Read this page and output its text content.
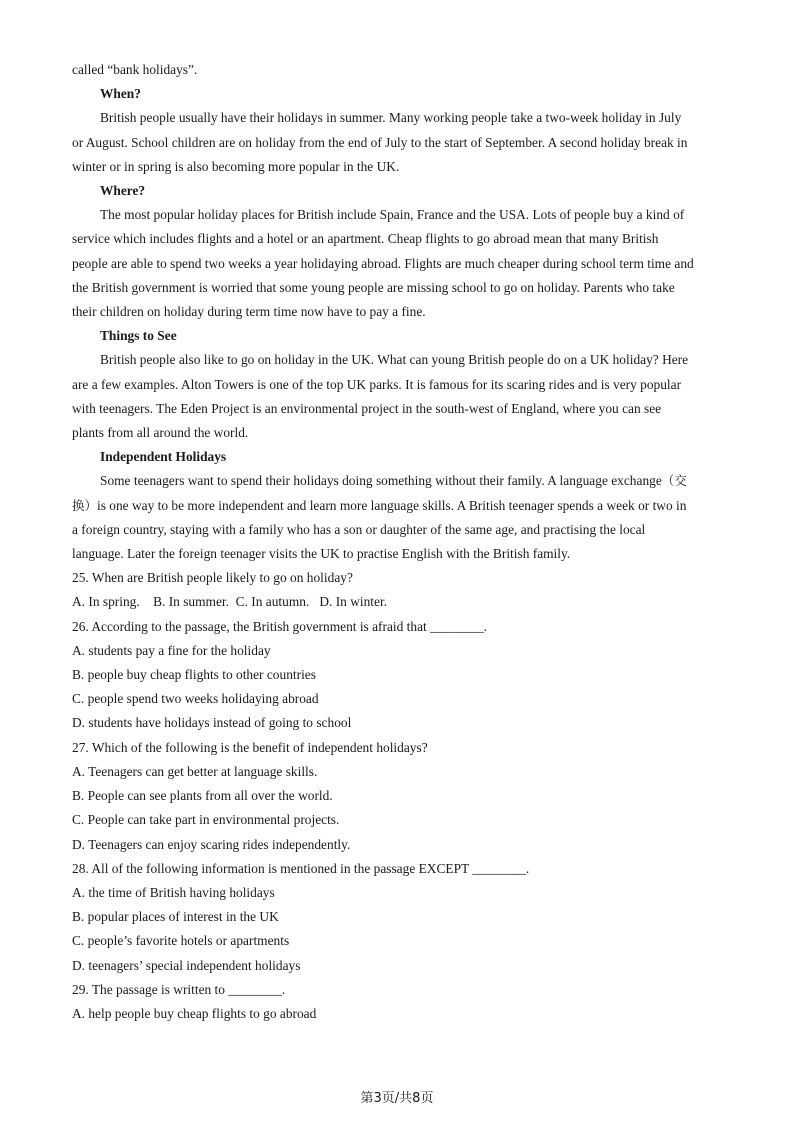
called “bank holidays”.
When?
British people usually have their holidays in summer. Many working people take a two-week holiday in July
or August. School children are on holiday from the end of July to the start of September. A second holiday break in
winter or in spring is also becoming more popular in the UK.
Where?
The most popular holiday places for British include Spain, France and the USA. Lots of people buy a kind of
service which includes flights and a hotel or an apartment. Cheap flights to go abroad mean that many British
people are able to spend two weeks a year holidaying abroad. Flights are much cheaper during school term time and
the British government is worried that some young people are missing school to go on holiday. Parents who take
their children on holiday during term time now have to pay a fine.
Things to See
British people also like to go on holiday in the UK. What can young British people do on a UK holiday? Here
are a few examples. Alton Towers is one of the top UK parks. It is famous for its scaring rides and is very popular
with teenagers. The Eden Project is an environmental project in the south-west of England, where you can see
plants from all around the world.
Independent Holidays
Some teenagers want to spend their holidays doing something without their family. A language exchange（交
换）is one way to be more independent and learn more language skills. A British teenager spends a week or two in
a foreign country, staying with a family who has a son or daughter of the same age, and practising the local
language. Later the foreign teenager visits the UK to practise English with the British family.
25. When are British people likely to go on holiday?
A. In spring.    B. In summer.  C. In autumn.   D. In winter.
26. According to the passage, the British government is afraid that ________.
A. students pay a fine for the holiday
B. people buy cheap flights to other countries
C. people spend two weeks holidaying abroad
D. students have holidays instead of going to school
27. Which of the following is the benefit of independent holidays?
A. Teenagers can get better at language skills.
B. People can see plants from all over the world.
C. People can take part in environmental projects.
D. Teenagers can enjoy scaring rides independently.
28. All of the following information is mentioned in the passage EXCEPT ________.
A. the time of British having holidays
B. popular places of interest in the UK
C. people’s favorite hotels or apartments
D. teenagers’ special independent holidays
29. The passage is written to ________.
A. help people buy cheap flights to go abroad
第3页/共8页
